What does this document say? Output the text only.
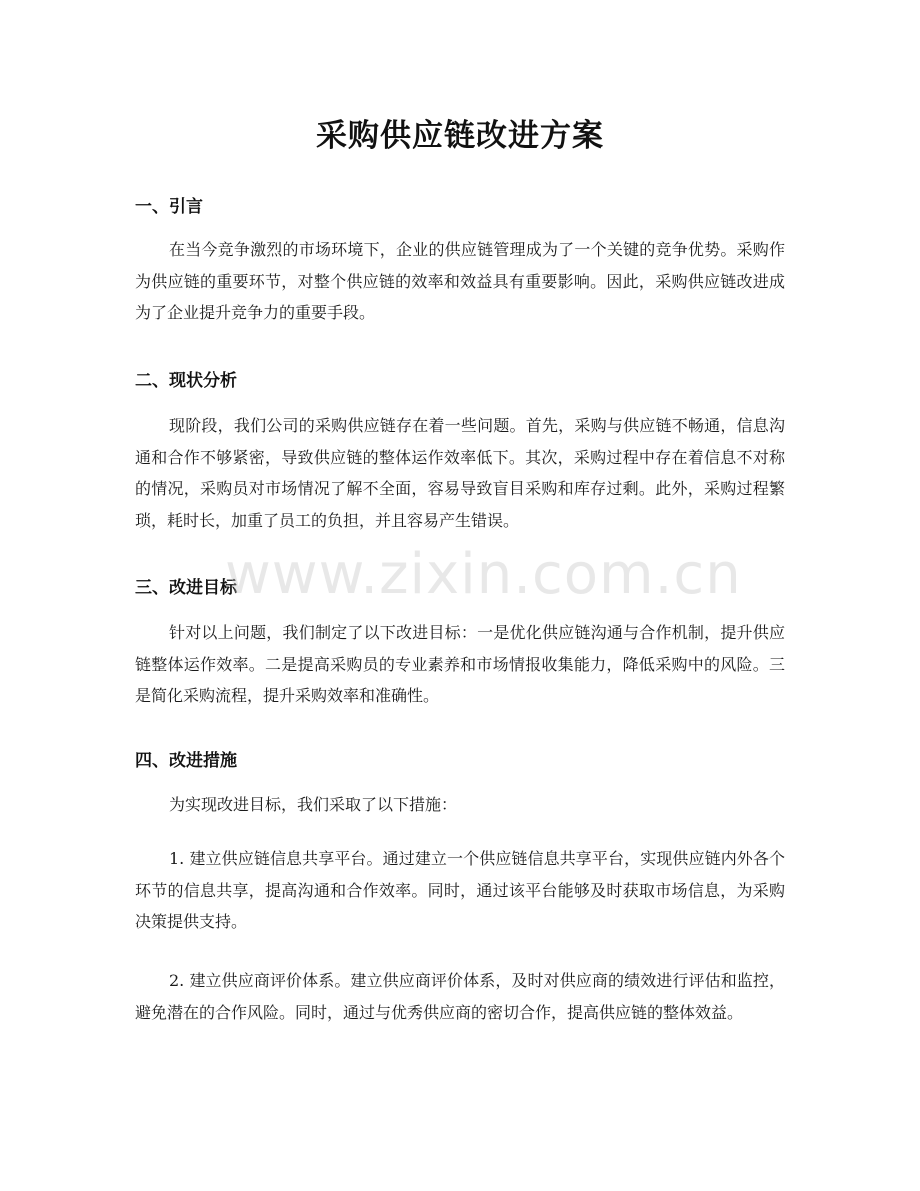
采购供应链改进方案
一、引言
在当今竞争激烈的市场环境下，企业的供应链管理成为了一个关键的竞争优势。采购作为供应链的重要环节，对整个供应链的效率和效益具有重要影响。因此，采购供应链改进成为了企业提升竞争力的重要手段。
二、现状分析
现阶段，我们公司的采购供应链存在着一些问题。首先，采购与供应链不畅通，信息沟通和合作不够紧密，导致供应链的整体运作效率低下。其次，采购过程中存在着信息不对称的情况，采购员对市场情况了解不全面，容易导致盲目采购和库存过剩。此外，采购过程繁琐，耗时长，加重了员工的负担，并且容易产生错误。
三、改进目标
针对以上问题，我们制定了以下改进目标：一是优化供应链沟通与合作机制，提升供应链整体运作效率。二是提高采购员的专业素养和市场情报收集能力，降低采购中的风险。三是简化采购流程，提升采购效率和准确性。
四、改进措施
为实现改进目标，我们采取了以下措施：
1. 建立供应链信息共享平台。通过建立一个供应链信息共享平台，实现供应链内外各个环节的信息共享，提高沟通和合作效率。同时，通过该平台能够及时获取市场信息，为采购决策提供支持。
2. 建立供应商评价体系。建立供应商评价体系，及时对供应商的绩效进行评估和监控，避免潜在的合作风险。同时，通过与优秀供应商的密切合作，提高供应链的整体效益。
www.zixin.com.cn
